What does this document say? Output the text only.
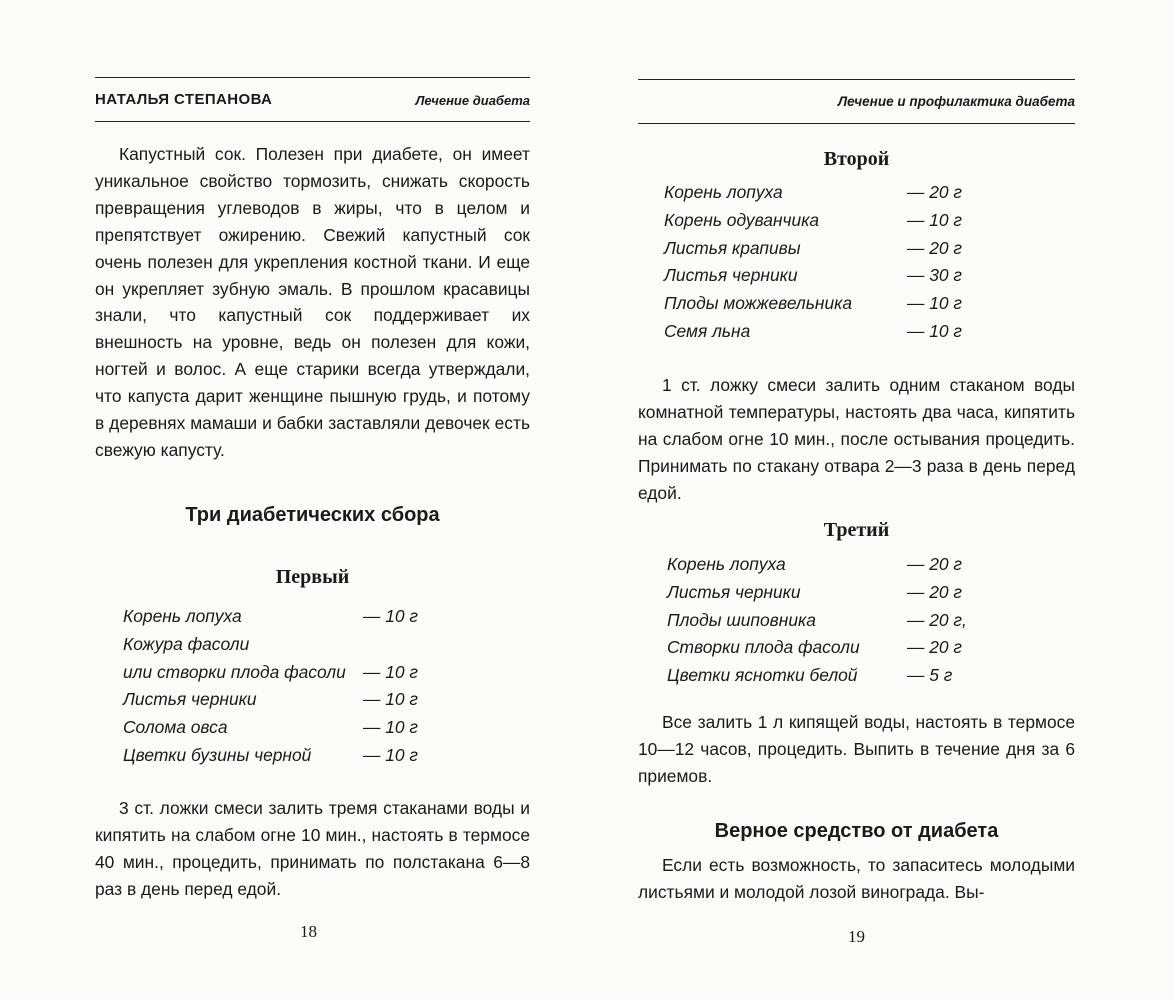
НАТАЛЬЯ СТЕПАНОВА	Лечение диабета

Капустный сок. Полезен при диабете, он имеет уникальное свойство тормозить, снижать скорость превращения углеводов в жиры, что в целом и препятствует ожирению. Свежий капустный сок очень полезен для укрепления костной ткани. И еще он укрепляет зубную эмаль. В прошлом красавицы знали, что капустный сок поддерживает их внешность на уровне, ведь он полезен для кожи, ногтей и волос. А еще старики всегда утверждали, что капуста дарит женщине пышную грудь, и потому в деревнях мамаши и бабки заставляли девочек есть свежую капусту.

Три диабетических сбора
Первый
Корень лопуха	— 10 г
Кожура фасоли
или створки плода фасоли — 10 г
Листья черники	— 10 г
Солома овса	— 10 г
Цветки бузины черной	— 10 г

3 ст. ложки смеси залить тремя стаканами воды и кипятить на слабом огне 10 мин., настоять в термосе 40 мин., процедить, принимать по полстакана 6—8 раз в день перед едой.

18
Лечение и профилактика диабета
Второй
Корень лопуха	— 20 г
Корень одуванчика	— 10 г
Листья крапивы	— 20 г
Листья черники	— 30 г
Плоды можжевельника	— 10 г
Семя льна	— 10 г

1 ст. ложку смеси залить одним стаканом воды комнатной температуры, настоять два часа, кипятить на слабом огне 10 мин., после остывания процедить. Принимать по стакану отвара 2—3 раза в день перед едой.

Третий
Корень лопуха	— 20 г
Листья черники	— 20 г
Плоды шиповника	— 20 г,
Створки плода фасоли	— 20 г
Цветки яснотки белой	— 5 г

Все залить 1 л кипящей воды, настоять в термосе 10—12 часов, процедить. Выпить в течение дня за 6 приемов.

Верное средство от диабета

Если есть возможность, то запаситесь молодыми листьями и молодой лозой винограда. Вы-

19
